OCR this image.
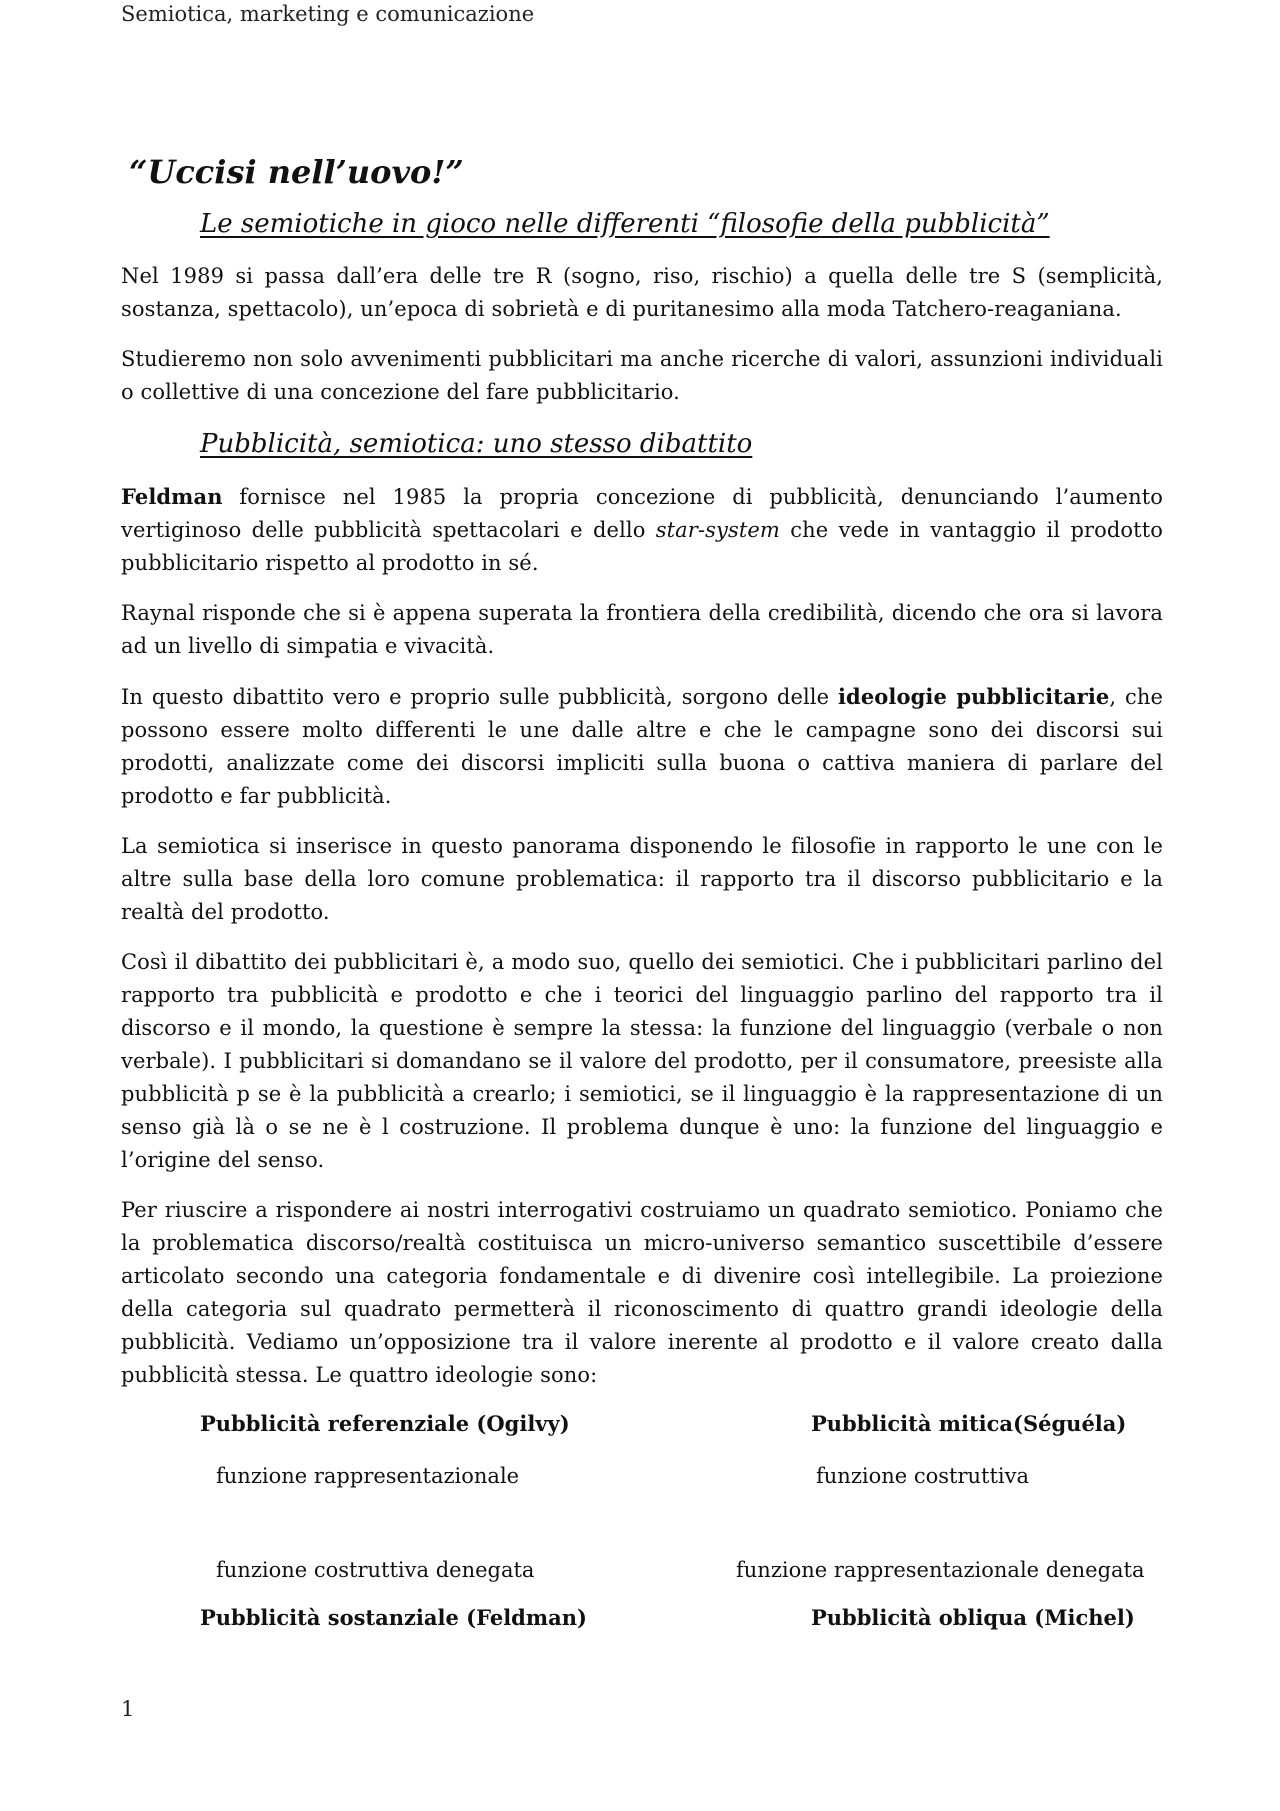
Semiotica, marketing e comunicazione
“Uccisi nell’uovo!”
Le semiotiche in gioco nelle differenti “filosofie della pubblicità”

Nel 1989 si passa dall’era delle tre R (sogno, riso, rischio) a quella delle tre S (semplicità, sostanza, spettacolo), un’epoca di sobrietà e di puritanesimo alla moda Tatchero-reaganiana.

Studieremo non solo avvenimenti pubblicitari ma anche ricerche di valori, assunzioni individuali o collettive di una concezione del fare pubblicitario.

Pubblicità, semiotica: uno stesso dibattito

Feldman fornisce nel 1985 la propria concezione di pubblicità, denunciando l’aumento vertiginoso delle pubblicità spettacolari e dello star-system che vede in vantaggio il prodotto pubblicitario rispetto al prodotto in sé.

Raynal risponde che si è appena superata la frontiera della credibilità, dicendo che ora si lavora ad un livello di simpatia e vivacità.

In questo dibattito vero e proprio sulle pubblicità, sorgono delle ideologie pubblicitarie, che possono essere molto differenti le une dalle altre e che le campagne sono dei discorsi sui prodotti, analizzate come dei discorsi impliciti sulla buona o cattiva maniera di parlare del prodotto e far pubblicità.

La semiotica si inserisce in questo panorama disponendo le filosofie in rapporto le une con le altre sulla base della loro comune problematica: il rapporto tra il discorso pubblicitario e la realtà del prodotto.

Così il dibattito dei pubblicitari è, a modo suo, quello dei semiotici. Che i pubblicitari parlino del rapporto tra pubblicità e prodotto e che i teorici del linguaggio parlino del rapporto tra il discorso e il mondo, la questione è sempre la stessa: la funzione del linguaggio (verbale o non verbale). I pubblicitari si domandano se il valore del prodotto, per il consumatore, preesiste alla pubblicità p se è la pubblicità a crearlo; i semiotici, se il linguaggio è la rappresentazione di un senso già là o se ne è l costruzione. Il problema dunque è uno: la funzione del linguaggio e l’origine del senso.

Per riuscire a rispondere ai nostri interrogativi costruiamo un quadrato semiotico. Poniamo che la problematica discorso/realtà costituisca un micro-universo semantico suscettibile d’essere articolato secondo una categoria fondamentale e di divenire così intellegibile. La proiezione della categoria sul quadrato permetterà il riconoscimento di quattro grandi ideologie della pubblicità. Vediamo un’opposizione tra il valore inerente al prodotto e il valore creato dalla pubblicità stessa. Le quattro ideologie sono:

Pubblicità referenziale (Ogilvy)
funzione rappresentazionale
Pubblicità mitica(Séguéla)
funzione costruttiva
funzione costruttiva denegata
Pubblicità sostanziale (Feldman)
funzione rappresentazionale denegata
Pubblicità obliqua (Michel)
1
